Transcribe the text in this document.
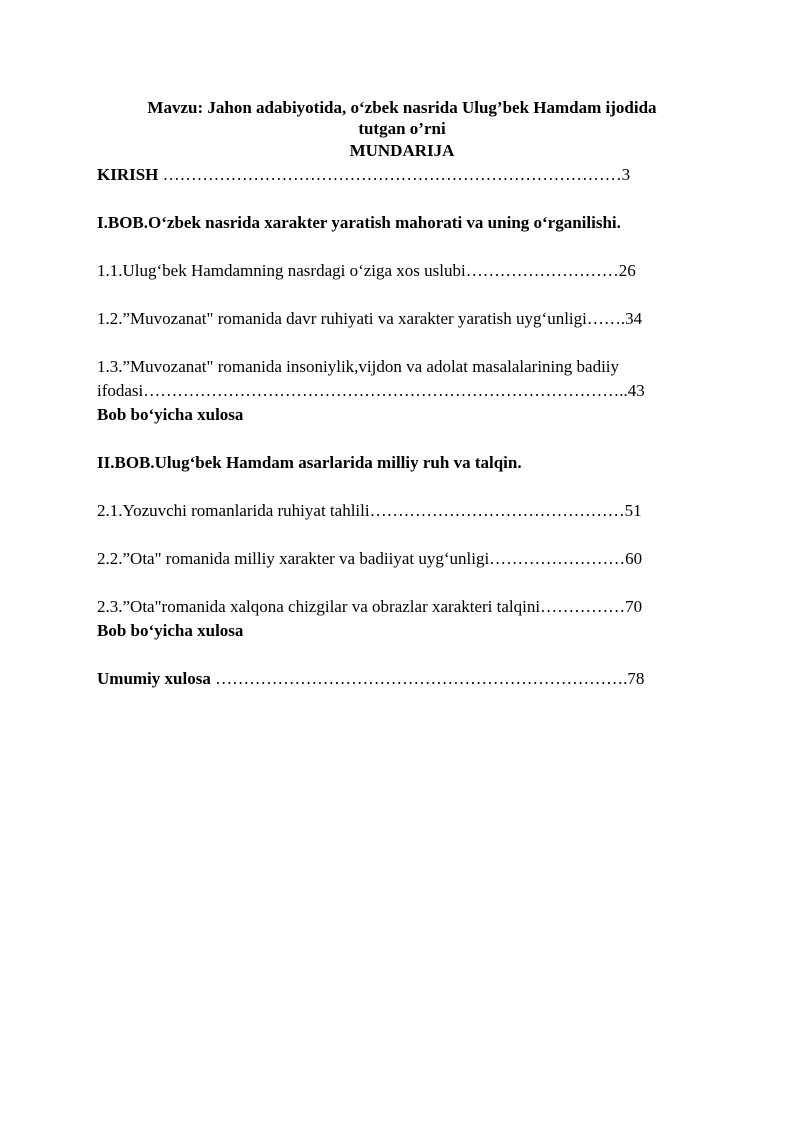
Mavzu: Jahon adabiyotida, o‘zbek nasrida Ulug’bek Hamdam ijodida

tutgan o’rni

MUNDARIJA

KIRISH ………………………………………………………………………3

I.BOB.O‘zbek nasrida xarakter yaratish mahorati va uning o‘rganilishi.

1.1.Ulug‘bek Hamdamning nasrdagi o‘ziga xos uslubi………………………26

1.2.”Muvozanat" romanida davr ruhiyati va xarakter yaratish uyg‘unligi…….34

1.3.”Muvozanat" romanida insoniylik,vijdon va adolat masalalarining badiiy

ifodasi…………………………………………………………………………..43

Bob bo‘yicha xulosa

II.BOB.Ulug‘bek Hamdam asarlarida milliy ruh va talqin.

2.1.Yozuvchi romanlarida ruhiyat tahlili………………………………………51

2.2.”Ota" romanida milliy xarakter va badiiyat uyg‘unligi……………………60

2.3.”Ota"romanida xalqona chizgilar va obrazlar xarakteri talqini……………70

Bob bo‘yicha xulosa

Umumiy xulosa ……………………………………………………………….78
